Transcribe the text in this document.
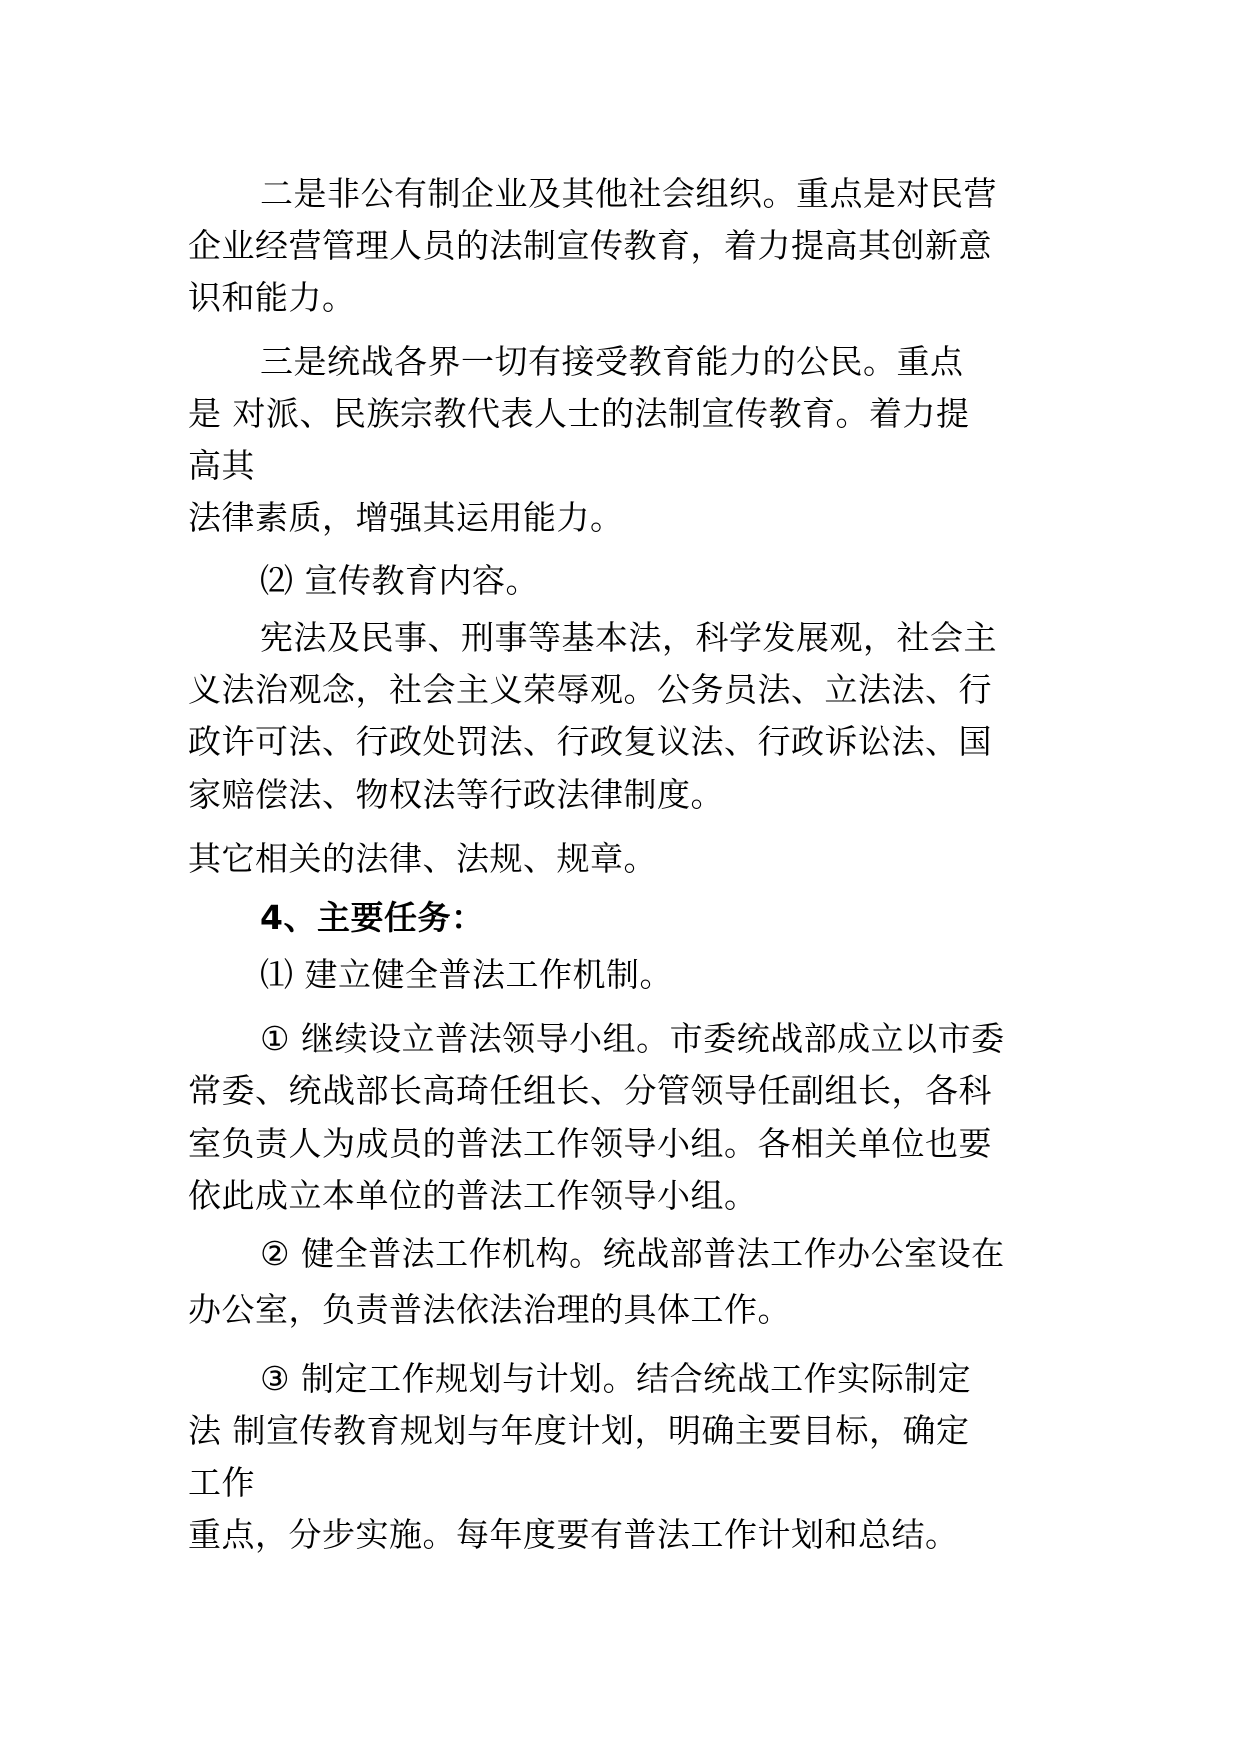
二是非公有制企业及其他社会组织。重点是对民营
企业经营管理人员的法制宣传教育，着力提高其创新意
识和能力。
三是统战各界一切有接受教育能力的公民。重点
是 对派、民族宗教代表人士的法制宣传教育。着力提
高其
法律素质，增强其运用能力。
⑵ 宣传教育内容。
宪法及民事、刑事等基本法，科学发展观，社会主
义法治观念，社会主义荣辱观。公务员法、立法法、行
政许可法、行政处罚法、行政复议法、行政诉讼法、国
家赔偿法、物权法等行政法律制度。
其它相关的法律、法规、规章。
4、主要任务：
⑴ 建立健全普法工作机制。
① 继续设立普法领导小组。市委统战部成立以市委
常委、统战部长高琦任组长、分管领导任副组长，各科
室负责人为成员的普法工作领导小组。各相关单位也要
依此成立本单位的普法工作领导小组。
② 健全普法工作机构。统战部普法工作办公室设在
办公室，负责普法依法治理的具体工作。
③ 制定工作规划与计划。结合统战工作实际制定
法 制宣传教育规划与年度计划，明确主要目标，确定
工作
重点，分步实施。每年度要有普法工作计划和总结。
